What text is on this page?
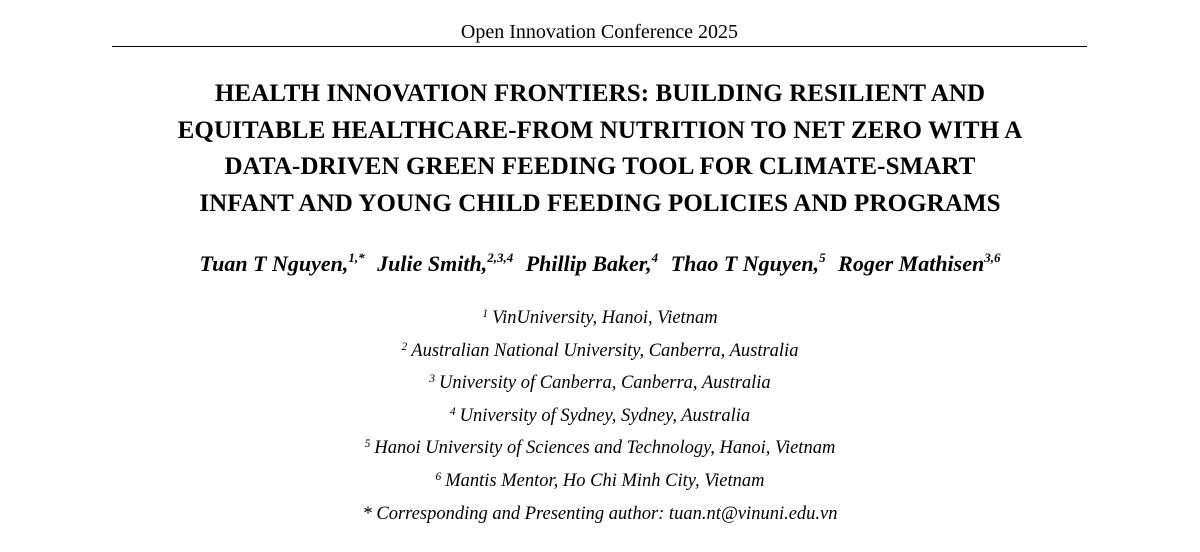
Open Innovation Conference 2025
HEALTH INNOVATION FRONTIERS: BUILDING RESILIENT AND
EQUITABLE HEALTHCARE-FROM NUTRITION TO NET ZERO WITH A
DATA-DRIVEN GREEN FEEDING TOOL FOR CLIMATE-SMART
INFANT AND YOUNG CHILD FEEDING POLICIES AND PROGRAMS
Tuan T Nguyen,$^{1,*}$ Julie Smith,$^{2,3,4}$ Phillip Baker,$^4$ Thao T Nguyen,$^5$ Roger Mathisen$^{3,6}$
$^1$ VinUniversity, Hanoi, Vietnam
$^2$ Australian National University, Canberra, Australia
$^3$ University of Canberra, Canberra, Australia
$^4$ University of Sydney, Sydney, Australia
$^5$ Hanoi University of Sciences and Technology, Hanoi, Vietnam
$^6$ Mantis Mentor, Ho Chi Minh City, Vietnam
* Corresponding and Presenting author: tuan.nt@vinuni.edu.vn
